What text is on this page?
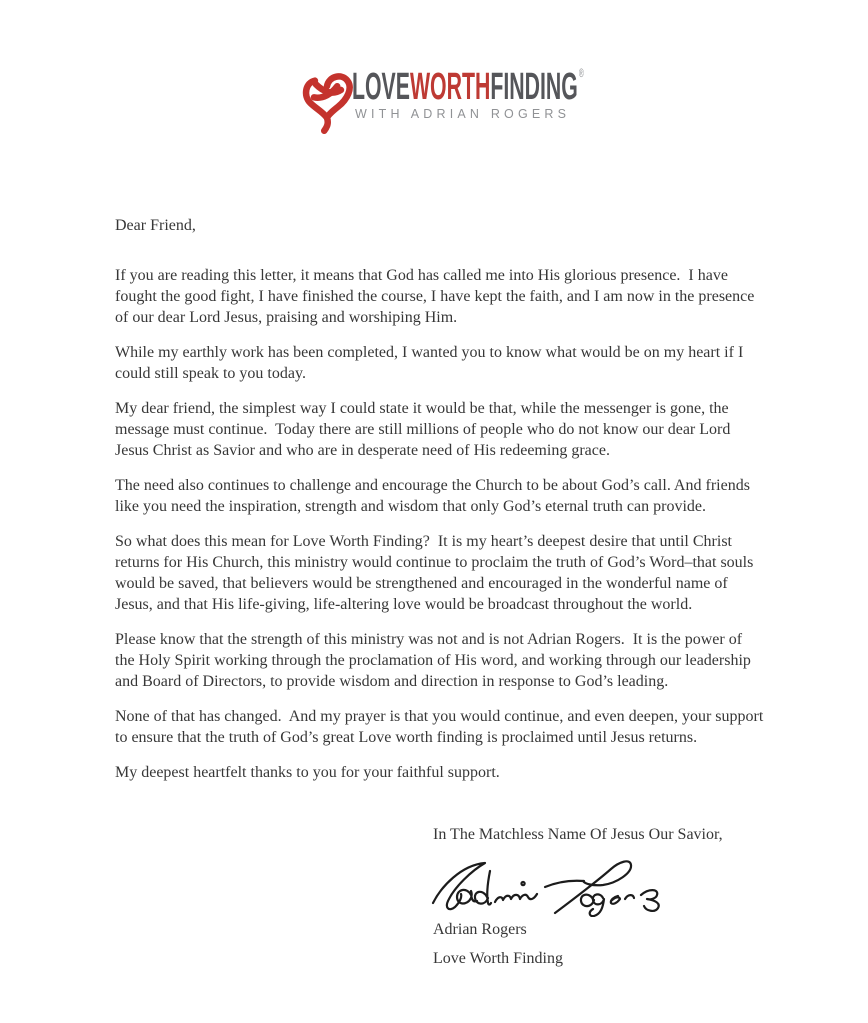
LOVEWORTHFINDING®
WITH ADRIAN ROGERS

Dear Friend,

If you are reading this letter, it means that God has called me into His glorious presence.  I have fought the good fight, I have finished the course, I have kept the faith, and I am now in the presence of our dear Lord Jesus, praising and worshiping Him.

While my earthly work has been completed, I wanted you to know what would be on my heart if I could still speak to you today.

My dear friend, the simplest way I could state it would be that, while the messenger is gone, the message must continue.  Today there are still millions of people who do not know our dear Lord Jesus Christ as Savior and who are in desperate need of His redeeming grace.

The need also continues to challenge and encourage the Church to be about God’s call. And friends like you need the inspiration, strength and wisdom that only God’s eternal truth can provide.

So what does this mean for Love Worth Finding?  It is my heart’s deepest desire that until Christ returns for His Church, this ministry would continue to proclaim the truth of God’s Word–that souls would be saved, that believers would be strengthened and encouraged in the wonderful name of Jesus, and that His life-giving, life-altering love would be broadcast throughout the world.

Please know that the strength of this ministry was not and is not Adrian Rogers.  It is the power of the Holy Spirit working through the proclamation of His word, and working through our leadership and Board of Directors, to provide wisdom and direction in response to God’s leading.

None of that has changed.  And my prayer is that you would continue, and even deepen, your support to ensure that the truth of God’s great Love worth finding is proclaimed until Jesus returns.

My deepest heartfelt thanks to you for your faithful support.

In The Matchless Name Of Jesus Our Savior,

Adrian Rogers

Love Worth Finding
